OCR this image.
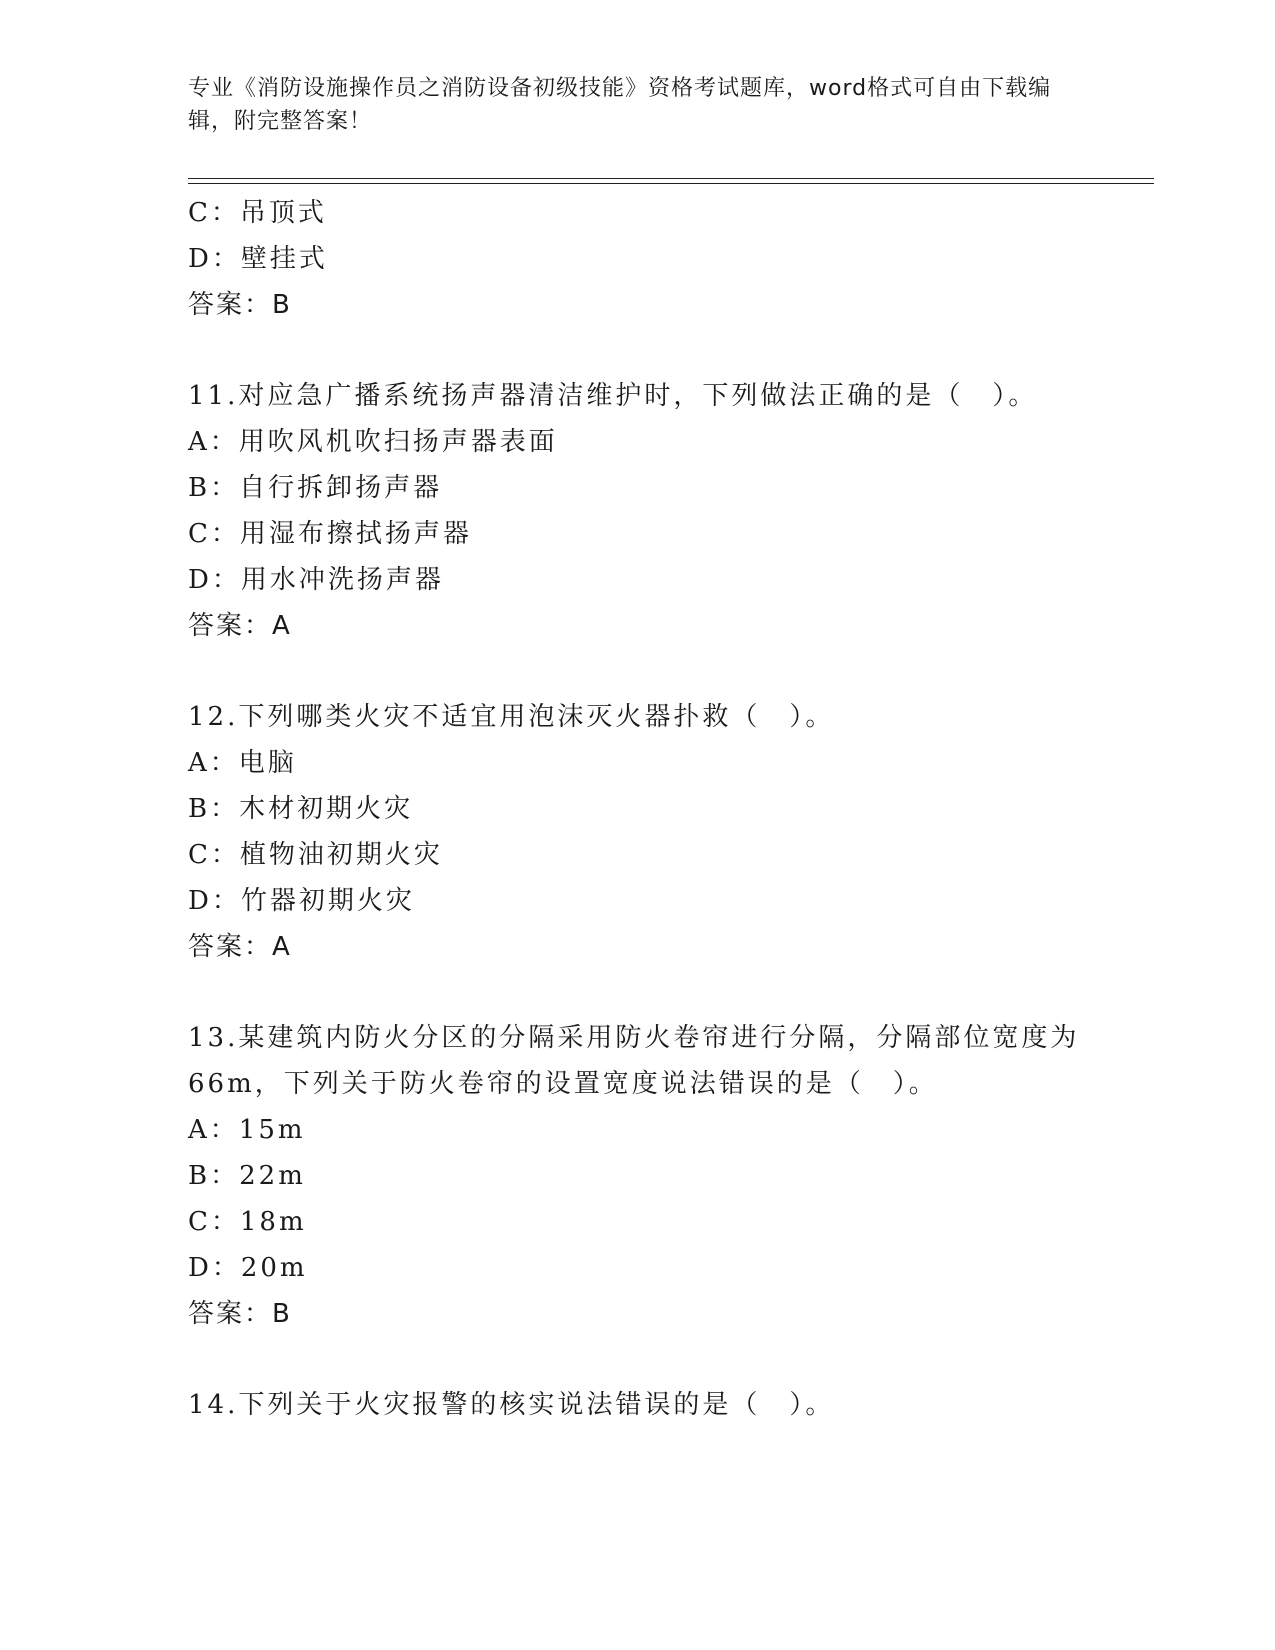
专业《消防设施操作员之消防设备初级技能》资格考试题库，word格式可自由下载编辑，附完整答案！
C：吊顶式
D：壁挂式
答案：B
11.对应急广播系统扬声器清洁维护时，下列做法正确的是（　）。
A：用吹风机吹扫扬声器表面
B：自行拆卸扬声器
C：用湿布擦拭扬声器
D：用水冲洗扬声器
答案：A
12.下列哪类火灾不适宜用泡沫灭火器扑救（　）。
A：电脑
B：木材初期火灾
C：植物油初期火灾
D：竹器初期火灾
答案：A
13.某建筑内防火分区的分隔采用防火卷帘进行分隔，分隔部位宽度为
66m，下列关于防火卷帘的设置宽度说法错误的是（　）。
A：15m
B：22m
C：18m
D：20m
答案：B
14.下列关于火灾报警的核实说法错误的是（　）。
